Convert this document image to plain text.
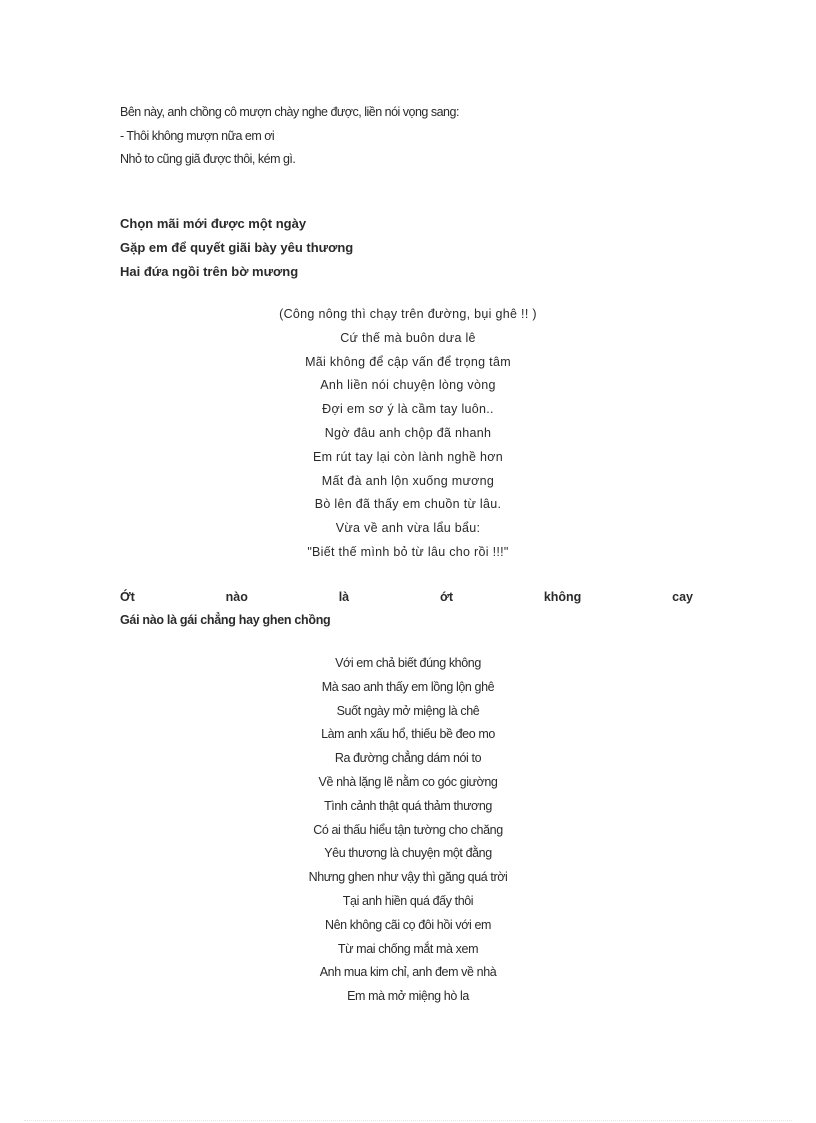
Bên này, anh chồng cô mượn chày nghe được, liền nói vọng sang:
- Thôi không mượn nữa em ơi
Nhỏ to cũng giã được thôi, kém gì.
Chọn mãi mới được một ngày
Gặp em để quyết giãi bày yêu thương
Hai đứa ngồi trên bờ mương
(Công nông thì chạy trên đường, bụi ghê !! )
Cứ thế mà buôn dưa lê
Mãi không để cập vấn để trọng tâm
Anh liền nói chuyện lòng vòng
Đợi em sơ ý là cầm tay luôn..
Ngờ đâu anh chộp đã nhanh
Em rút tay lại còn lành nghề hơn
Mất đà anh lộn xuống mương
Bò lên đã thấy em chuồn từ lâu.
Vừa về anh vừa lẩu bẩu:
"Biết thế mình bỏ từ lâu cho rồi !!!"
Ớt	nào	là	ớt	không	cay
Gái nào là gái chẳng hay ghen chồng
Với em chả biết đúng không
Mà sao anh thấy em lồng lộn ghê
Suốt ngày mở miệng là chê
Làm anh xấu hổ, thiếu bề đeo mo
Ra đường chẳng dám nói to
Về nhà lặng lẽ nằm co góc giường
Tình cảnh thật quá thảm thương
Có ai thấu hiểu tận tường cho chăng
Yêu thương là chuyện một đằng
Nhưng ghen như vậy thì găng quá trời
Tại anh hiền quá đấy thôi
Nên không cãi cọ đôi hồi với em
Từ mai chống mắt mà xem
Anh mua kim chỉ, anh đem về nhà
Em mà mở miệng hò la
